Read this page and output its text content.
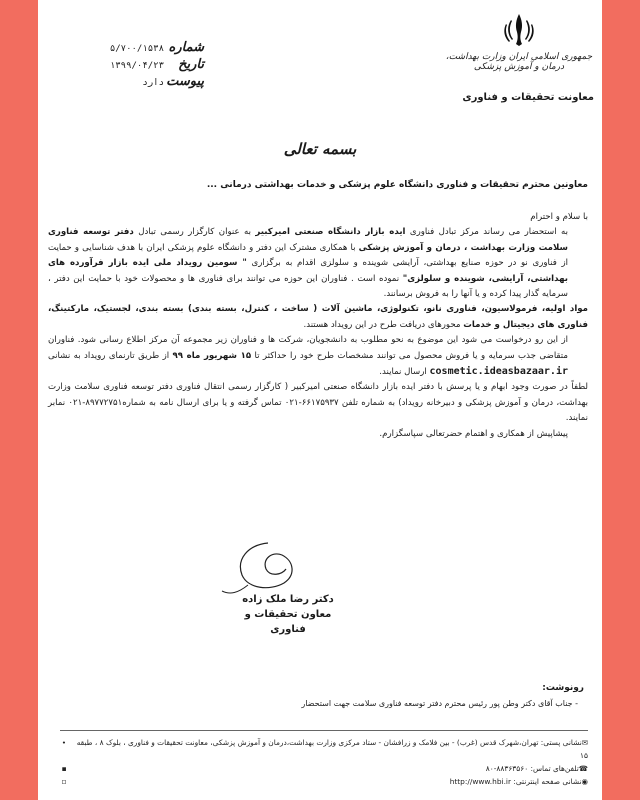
جمهوری اسلامی ایران وزارت بهداشت، درمان و آموزش پزشکی
معاونت تحقیقات و فناوری
شماره
۵/۷۰۰/۱۵۳۸
تاریخ
۱۳۹۹/۰۴/۲۳
پیوست
دارد
بسمه تعالی
معاونین محترم تحقیقات و فناوری دانشگاه علوم پزشکی و خدمات بهداشتی درمانی ...

با سلام و احترام

به استحضار می رساند مرکز تبادل فناوری ایده بازار دانشگاه صنعتی امیرکبیر به عنوان کارگزار رسمی تبادل دفتر توسعه فناوری سلامت وزارت بهداشت ، درمان و آموزش پزشکی با همکاری مشترک این دفتر و دانشگاه علوم پزشکی ایران با هدف شناسایی و حمایت از فناوری نو در حوزه صنایع بهداشتی، آرایشی شوینده و سلولزی اقدام به برگزاری " سومین رویداد ملی ایده بازار فرآورده های بهداشتی، آرایشی، شوینده و سلولزی" نموده است . فناوران این حوزه می توانند برای فناوری ها و محصولات خود با حمایت این دفتر ، سرمایه گذار پیدا کرده و یا آنها را به فروش برسانند.

مواد اولیه، فرمولاسیون، فناوری نانو، تکنولوژی، ماشین آلات ( ساخت ، کنترل، بسته بندی) بسته بندی، لجستیک، مارکتینگ، فناوری های دیجیتال و خدمات محورهای دریافت طرح در این رویداد هستند.

از این رو درخواست می شود این موضوع به نحو مطلوب به دانشجویان، شرکت ها و فناوران زیر مجموعه آن مرکز اطلاع رسانی شود. فناوران متقاضی جذب سرمایه و یا فروش محصول می توانند مشخصات طرح خود را حداکثر تا ۱۵ شهریور ماه ۹۹ از طریق تارنمای رویداد به نشانی cosmetic.ideasbazaar.ir ارسال نمایند.

لطفاً در صورت وجود ابهام و یا پرسش با دفتر ایده بازار دانشگاه صنعتی امیرکبیر ( کارگزار رسمی انتقال فناوری دفتر توسعه فناوری سلامت وزارت بهداشت، درمان و آموزش پزشکی و دبیرخانه رویداد) به شماره تلفن ۶۶۱۷۵۹۳۷-۰۲۱ تماس گرفته و یا برای ارسال نامه به شماره۸۹۷۷۲۷۵۱-۰۲۱ نمابر نمایند.

پیشاپیش از همکاری و اهتمام حضرتعالی سپاسگزارم.

دکتر رضا ملک زاده
معاون تحقیقات و فناوری
رونوشت:
- جناب آقای دکتر وطن پور رئیس محترم دفتر توسعه فناوری سلامت جهت استحضار
✉نشانی پستی: تهران،شهرک قدس (غرب) - بین فلامک و زرافشان - ستاد مرکزی وزارت بهداشت،درمان و آموزش پزشکی، معاونت تحقیقات و فناوری ، بلوک ۸ ، طبقه ۱۵
•
☎تلفن‌های تماس: ۸۸۳۶۳۵۶۰-۸۰
▪
◉نشانی صفحه اینترنتی: http://www.hbi.ir
▫
